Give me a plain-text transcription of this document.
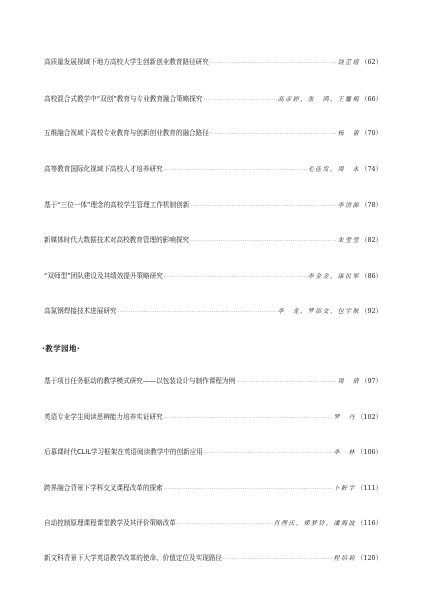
高质量发展视域下地方高校大学生创新创业教育路径研究 ·····	饶芷瑄 （62）
高校混合式教学中“双创”教育与专业教育融合策略探究 ·····	高彦婷，张　鸿，王馨梅 （66）
五维融合视域下高校专业教育与创新创业教育的融合路径 ·····	杨　蕾 （70）
高等教育国际化视域下高校人才培养研究 ·····	毛佳发，周　永 （74）
基于“三位一体”理念的高校学生管理工作机制创新 ·····	李清源 （78）
新媒体时代大数据技术对高校教育管理的影响探究 ·····	朱莹莹 （82）
“双师型”团队建设及其绩效提升策略研究 ·····	李金金，康民军 （86）
高氮钢焊接技术进展研究 ·····	李　龙，罗添文，包宇航 （92）
·教学园地·
基于项目任务驱动的教学模式研究——以包装设计与制作课程为例 ·····	周　倩 （97）
英语专业学生阅读思辨能力培养实证研究 ·····	罗　丹 （102）
后慕课时代CLIL学习框架在英语阅读教学中的创新应用 ·····	李　林 （106）
跨界融合背景下学科交叉课程改革的探索 ·····	卜軒宇 （111）
自动控制原理课程课堂教学及其评价策略改革 ·····	肖理庆，郑梦铃，潘海波 （116）
新文科背景下大学英语教学改革的使命、价值定位及实现路径 ·····	程培莉 （120）
